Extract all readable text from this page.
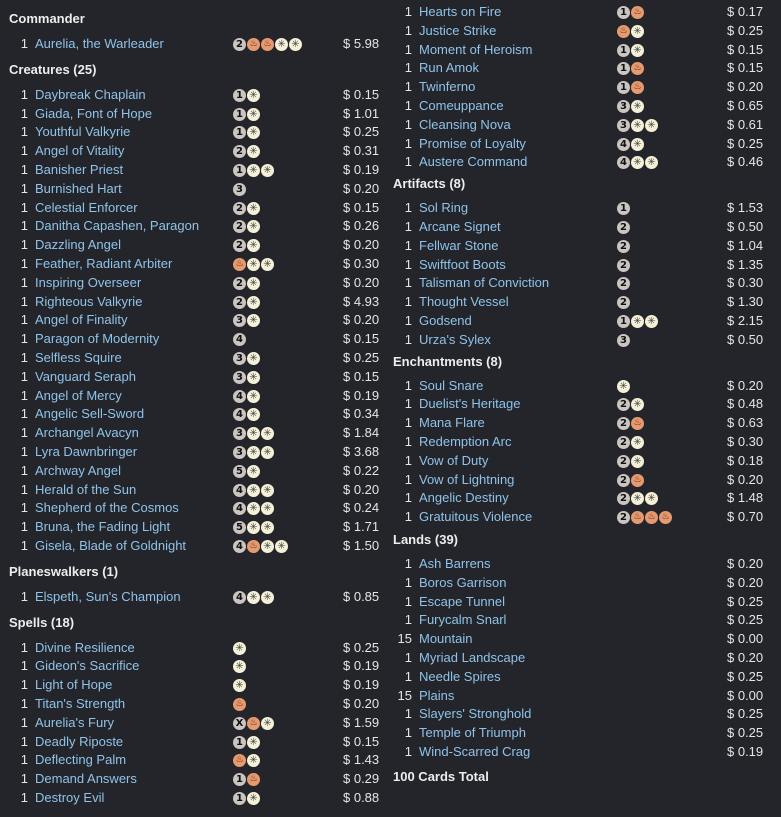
Commander
1 Aurelia, the Warleader	2 ♨ ♨ ✳ ✳	$ 5.98
Creatures (25)
1 Daybreak Chaplain	1 ✳	$ 0.15
1 Giada, Font of Hope	1 ✳	$ 1.01
1 Youthful Valkyrie	1 ✳	$ 0.25
1 Angel of Vitality	2 ✳	$ 0.31
1 Banisher Priest	1 ✳ ✳	$ 0.19
1 Burnished Hart	3	$ 0.20
1 Celestial Enforcer	2 ✳	$ 0.15
1 Danitha Capashen, Paragon	2 ✳	$ 0.26
1 Dazzling Angel	2 ✳	$ 0.20
1 Feather, Radiant Arbiter	♨ ✳ ✳	$ 0.30
1 Inspiring Overseer	2 ✳	$ 0.20
1 Righteous Valkyrie	2 ✳	$ 4.93
1 Angel of Finality	3 ✳	$ 0.20
1 Paragon of Modernity	4	$ 0.15
1 Selfless Squire	3 ✳	$ 0.25
1 Vanguard Seraph	3 ✳	$ 0.15
1 Angel of Mercy	4 ✳	$ 0.19
1 Angelic Sell-Sword	4 ✳	$ 0.34
1 Archangel Avacyn	3 ✳ ✳	$ 1.84
1 Lyra Dawnbringer	3 ✳ ✳	$ 3.68
1 Archway Angel	5 ✳	$ 0.22
1 Herald of the Sun	4 ✳ ✳	$ 0.20
1 Shepherd of the Cosmos	4 ✳ ✳	$ 0.24
1 Bruna, the Fading Light	5 ✳ ✳	$ 1.71
1 Gisela, Blade of Goldnight	4 ♨ ✳ ✳	$ 1.50
Planeswalkers (1)
1 Elspeth, Sun's Champion	4 ✳ ✳	$ 0.85
Spells (18)
1 Divine Resilience	✳	$ 0.25
1 Gideon's Sacrifice	✳	$ 0.19
1 Light of Hope	✳	$ 0.19
1 Titan's Strength	♨	$ 0.20
1 Aurelia's Fury	X ♨ ✳	$ 1.59
1 Deadly Riposte	1 ✳	$ 0.15
1 Deflecting Palm	♨ ✳	$ 1.43
1 Demand Answers	1 ♨	$ 0.29
1 Destroy Evil	1 ✳	$ 0.88
1 Hearts on Fire	1 ♨	$ 0.17
1 Justice Strike	♨ ✳	$ 0.25
1 Moment of Heroism	1 ✳	$ 0.15
1 Run Amok	1 ♨	$ 0.15
1 Twinferno	1 ♨	$ 0.20
1 Comeuppance	3 ✳	$ 0.65
1 Cleansing Nova	3 ✳ ✳	$ 0.61
1 Promise of Loyalty	4 ✳	$ 0.25
1 Austere Command	4 ✳ ✳	$ 0.46
Artifacts (8)
1 Sol Ring	1	$ 1.53
1 Arcane Signet	2	$ 0.50
1 Fellwar Stone	2	$ 1.04
1 Swiftfoot Boots	2	$ 1.35
1 Talisman of Conviction	2	$ 0.30
1 Thought Vessel	2	$ 1.30
1 Godsend	1 ✳ ✳	$ 2.15
1 Urza's Sylex	3	$ 0.50
Enchantments (8)
1 Soul Snare	✳	$ 0.20
1 Duelist's Heritage	2 ✳	$ 0.48
1 Mana Flare	2 ♨	$ 0.63
1 Redemption Arc	2 ✳	$ 0.30
1 Vow of Duty	2 ✳	$ 0.18
1 Vow of Lightning	2 ♨	$ 0.20
1 Angelic Destiny	2 ✳ ✳	$ 1.48
1 Gratuitous Violence	2 ♨ ♨ ♨	$ 0.70
Lands (39)
1 Ash Barrens	$ 0.20
1 Boros Garrison	$ 0.20
1 Escape Tunnel	$ 0.25
1 Furycalm Snarl	$ 0.25
15 Mountain	$ 0.00
1 Myriad Landscape	$ 0.20
1 Needle Spires	$ 0.25
15 Plains	$ 0.00
1 Slayers' Stronghold	$ 0.25
1 Temple of Triumph	$ 0.25
1 Wind-Scarred Crag	$ 0.19
100 Cards Total
